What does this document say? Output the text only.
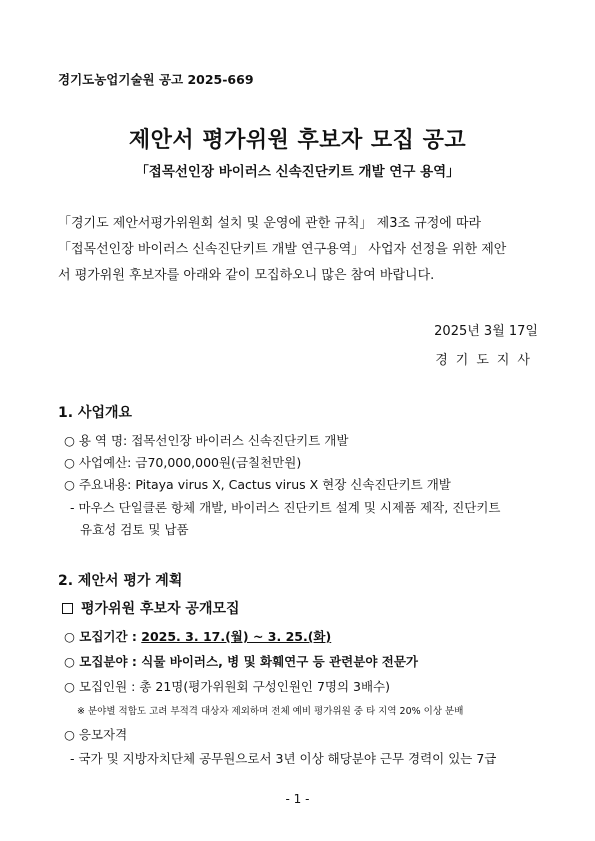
경기도농업기술원 공고 2025-669
제안서 평가위원 후보자 모집 공고
「접목선인장 바이러스 신속진단키트 개발 연구 용역」
「경기도 제안서평가위원회 설치 및 운영에 관한 규칙」 제3조 규정에 따라
「접목선인장 바이러스 신속진단키트 개발 연구용역」 사업자 선정을 위한 제안
서 평가위원 후보자를 아래와 같이 모집하오니 많은 참여 바랍니다.
2025년 3월 17일
경기도지사
1. 사업개요
○ 용 역 명: 접목선인장 바이러스 신속진단키트 개발
○ 사업예산: 금70,000,000원(금칠천만원)
○ 주요내용: Pitaya virus X, Cactus virus X 현장 신속진단키트 개발
- 마우스 단일클론 항체 개발, 바이러스 진단키트 설계 및 시제품 제작, 진단키트
유효성 검토 및 납품
2. 제안서 평가 계획
평가위원 후보자 공개모집
○ 모집기간 : 2025. 3. 17.(월) ~ 3. 25.(화)
○ 모집분야 : 식물 바이러스, 병 및 화훼연구 등 관련분야 전문가
○ 모집인원 : 총 21명(평가위원회 구성인원인 7명의 3배수)
※ 분야별 적합도 고려 부적격 대상자 제외하며 전체 예비 평가위원 중 타 지역 20% 이상 분배
○ 응모자격
- 국가 및 지방자치단체 공무원으로서 3년 이상 해당분야 근무 경력이 있는 7급
- 1 -
